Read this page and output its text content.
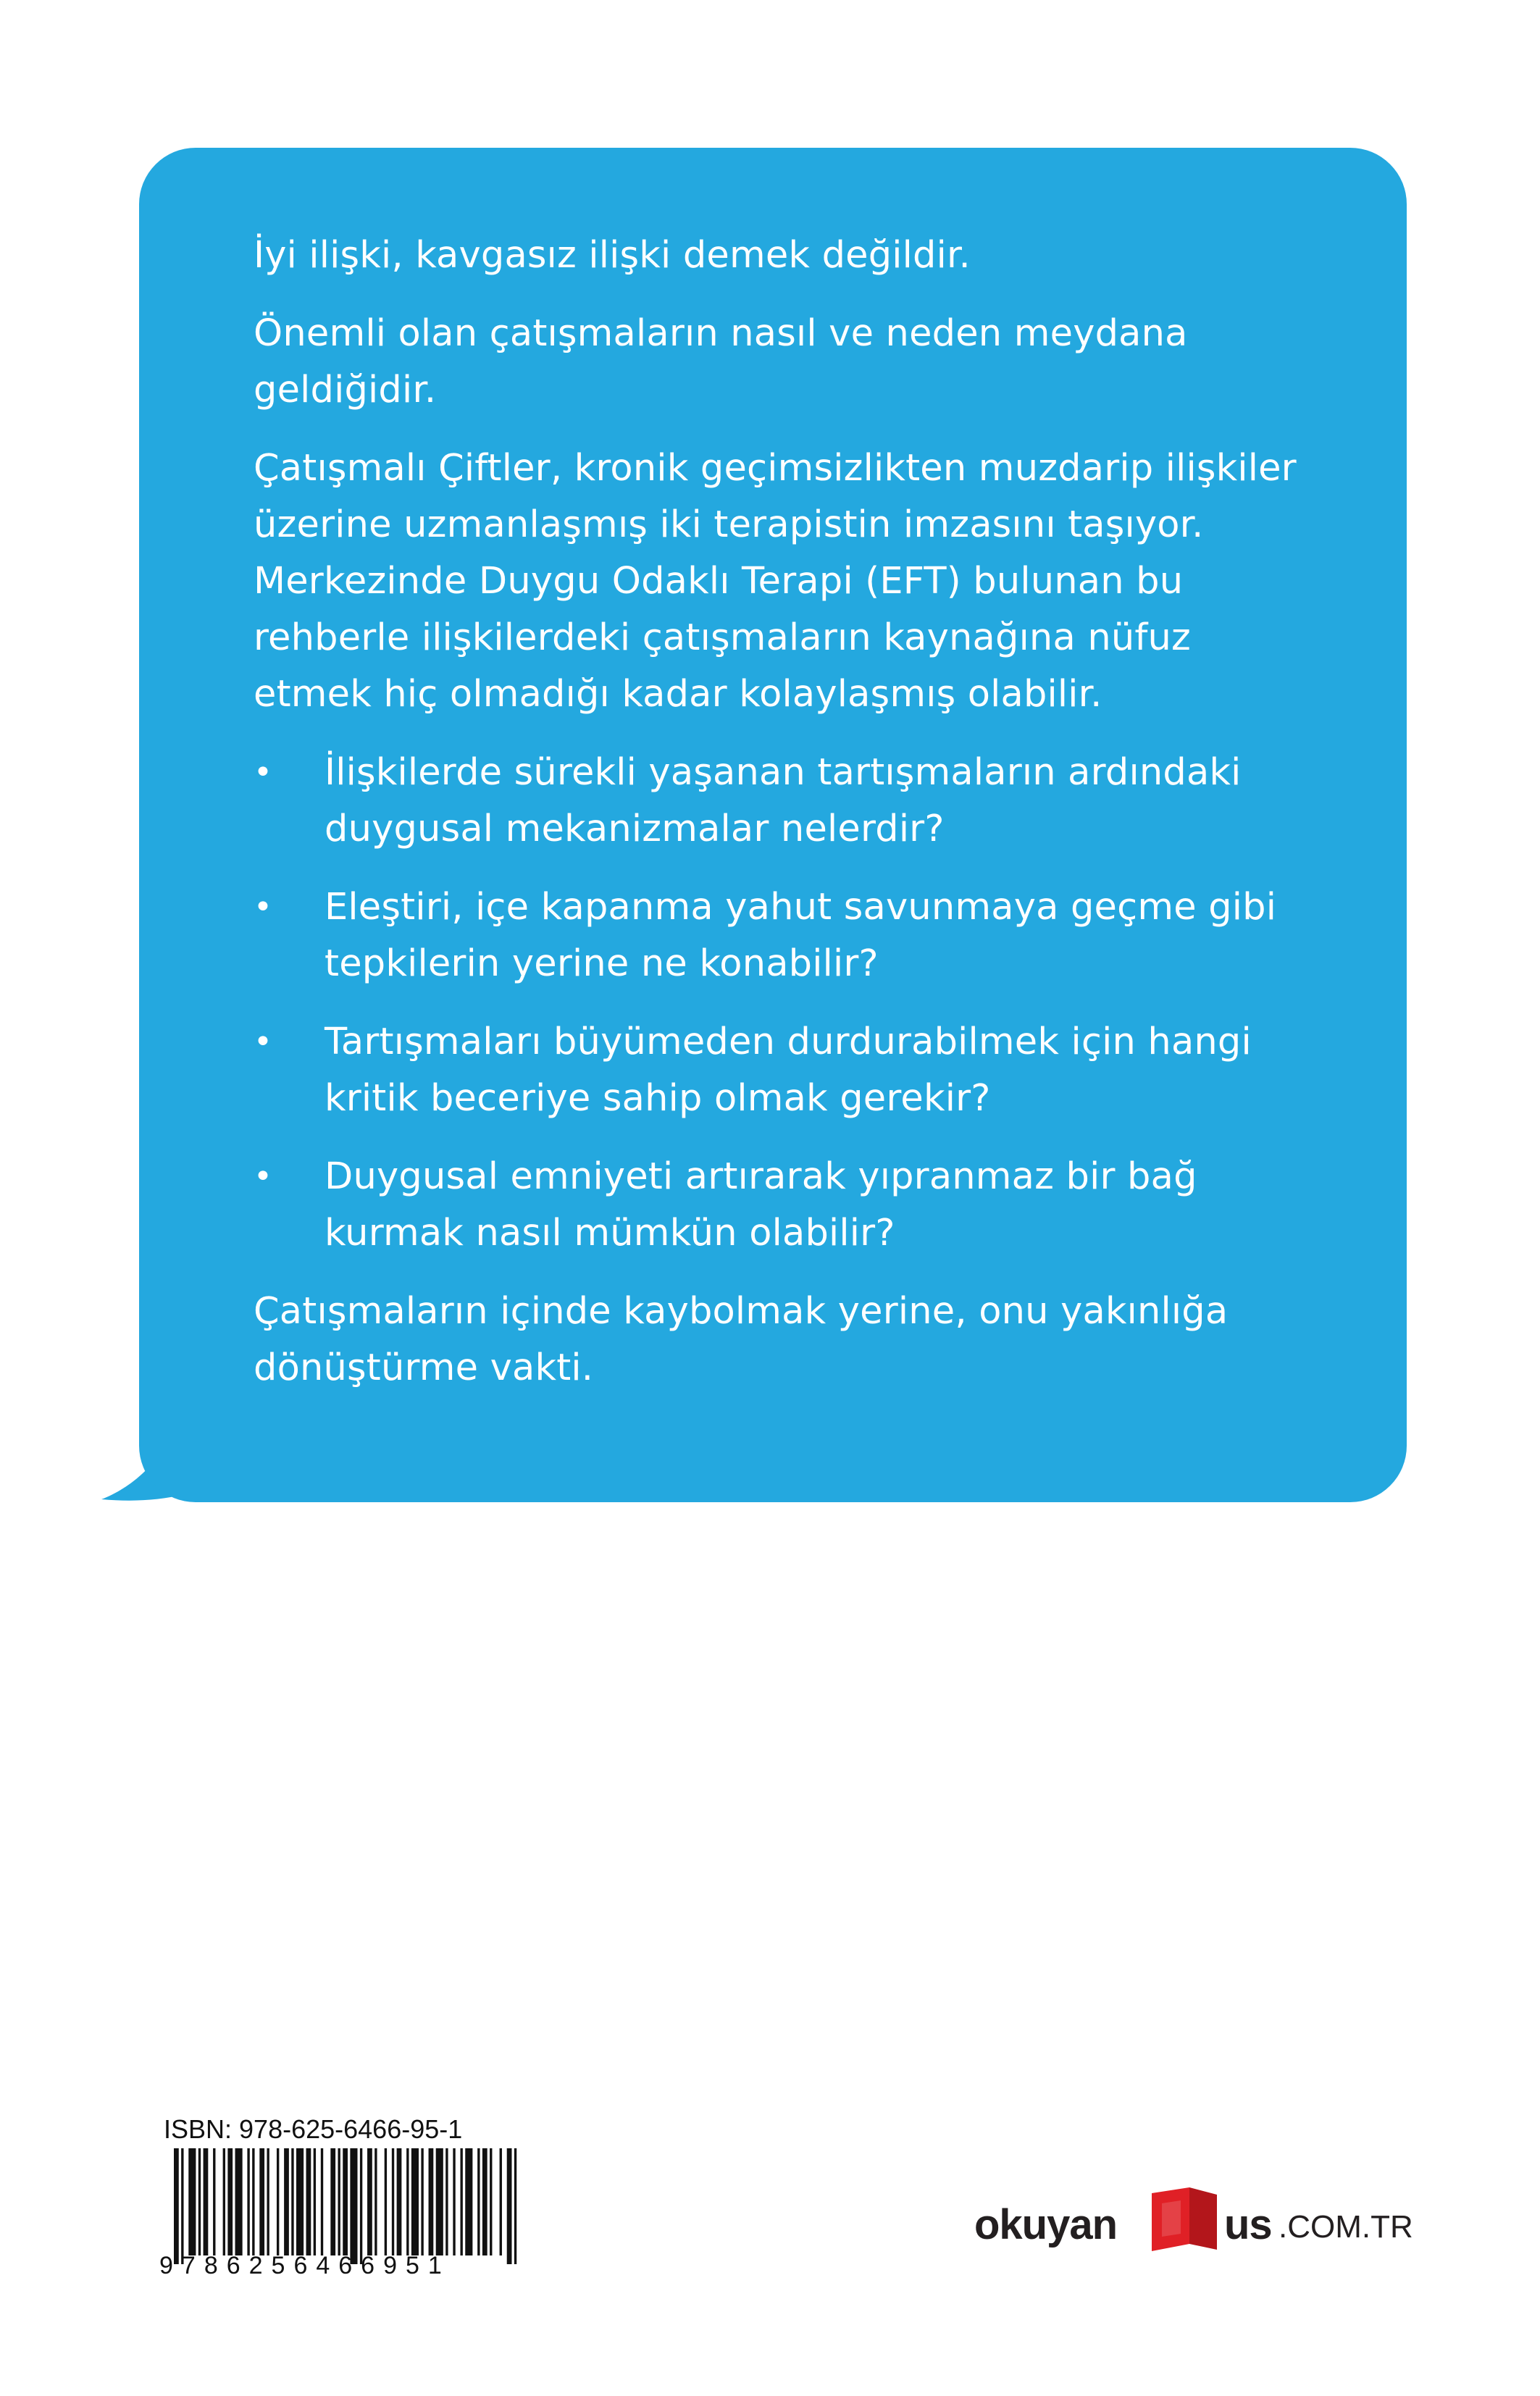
İyi ilişki, kavgasız ilişki demek değildir.

Önemli olan çatışmaların nasıl ve neden meydana geldiğidir.

Çatışmalı Çiftler, kronik geçimsizlikten muzdarip ilişkiler üzerine uzmanlaşmış iki terapistin imzasını taşıyor. Merkezinde Duygu Odaklı Terapi (EFT) bulunan bu rehberle ilişkilerdeki çatışmaların kaynağına nüfuz etmek hiç olmadığı kadar kolaylaşmış olabilir.

• İlişkilerde sürekli yaşanan tartışmaların ardındaki duygusal mekanizmalar nelerdir?
• Eleştiri, içe kapanma yahut savunmaya geçme gibi tepkilerin yerine ne konabilir?
• Tartışmaları büyümeden durdurabilmek için hangi kritik beceriye sahip olmak gerekir?
• Duygusal emniyeti artırarak yıpranmaz bir bağ kurmak nasıl mümkün olabilir?

Çatışmaların içinde kaybolmak yerine, onu yakınlığa dönüştürme vakti.

ISBN: 978-625-6466-95-1
9786256466951
okuyan	us .COM.TR
